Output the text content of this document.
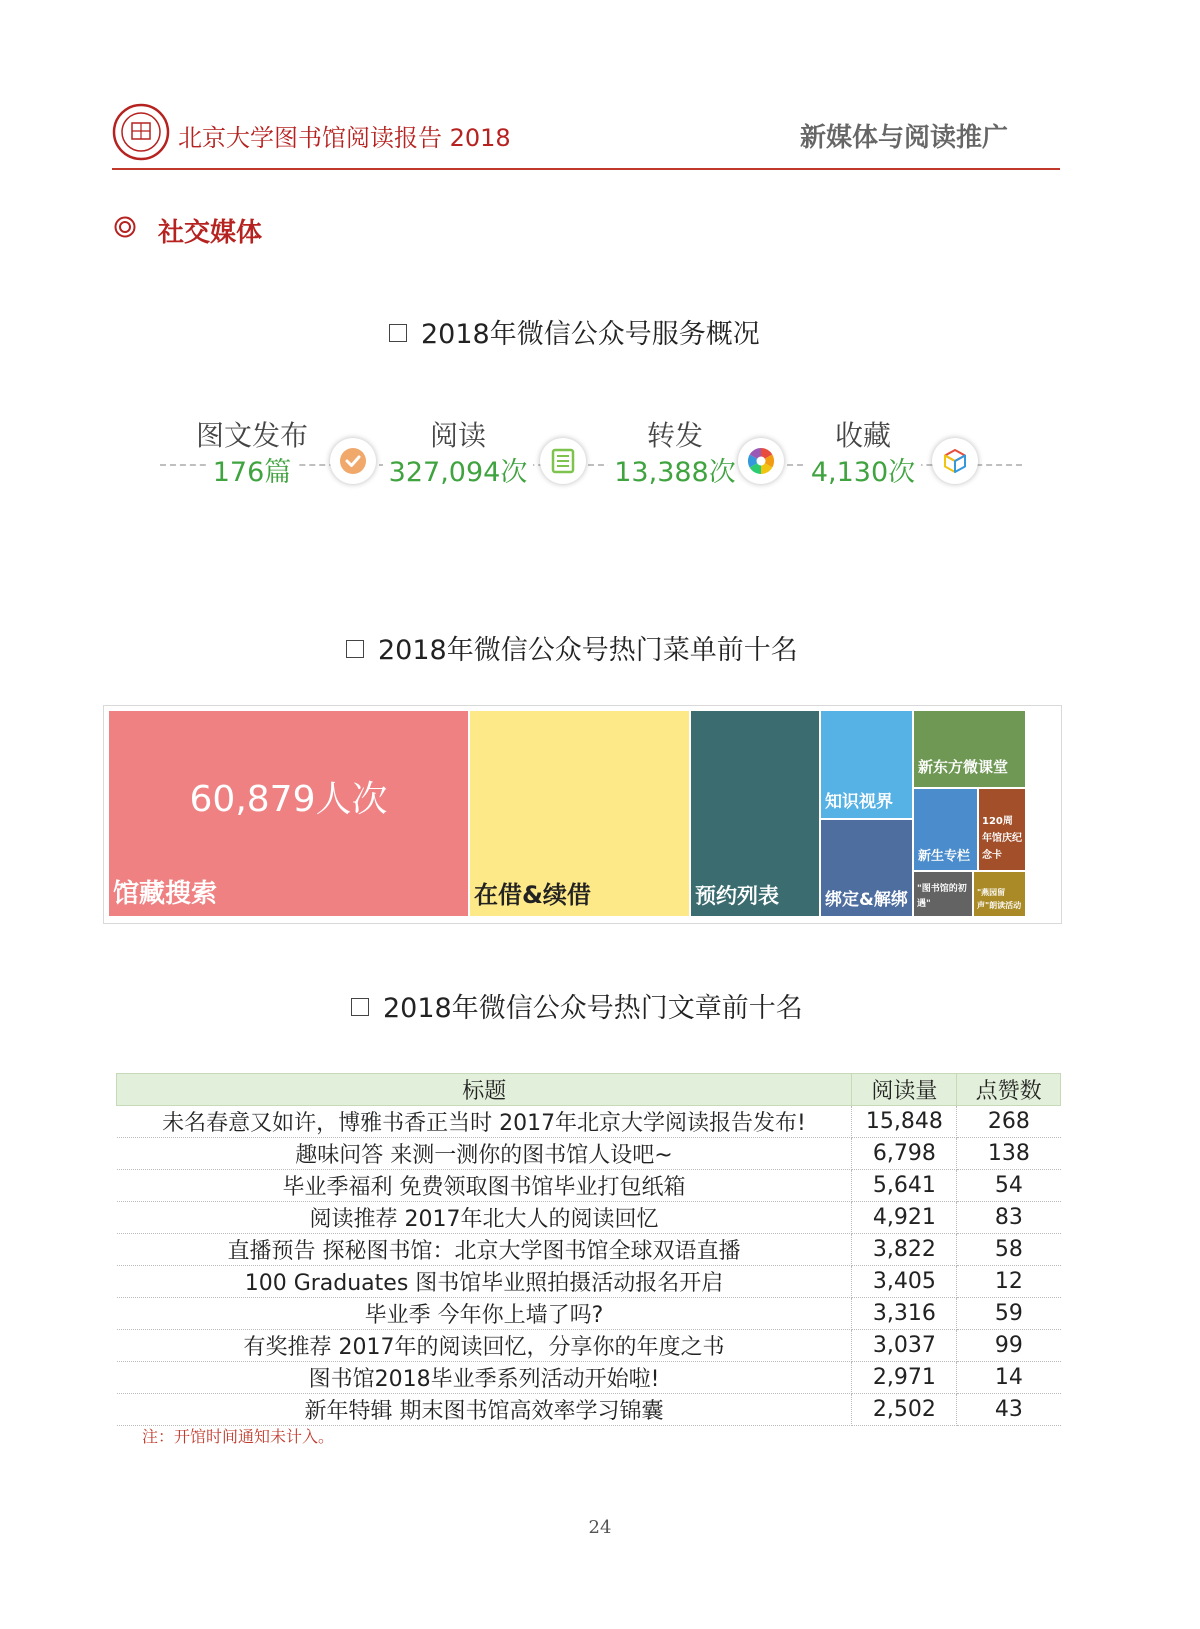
北京大学图书馆阅读报告 2018	新媒体与阅读推广
社交媒体
2018年微信公众号服务概况
图文发布
176篇
阅读
327,094次
转发
13,388次
收藏
4,130次
2018年微信公众号热门菜单前十名
60,879人次
馆藏搜索	在借&续借	预约列表
知识视界
新东方微课堂
绑定&解绑
新生专栏
120周年馆庆纪念卡
"图书馆的初遇"
"燕园留声"朗读活动
2018年微信公众号热门文章前十名
标题	阅读量	点赞数
未名春意又如许，博雅书香正当时 2017年北京大学阅读报告发布!	15,848	268
趣味问答 来测一测你的图书馆人设吧~	6,798	138
毕业季福利 免费领取图书馆毕业打包纸箱	5,641	54
阅读推荐 2017年北大人的阅读回忆	4,921	83
直播预告 探秘图书馆：北京大学图书馆全球双语直播	3,822	58
100 Graduates 图书馆毕业照拍摄活动报名开启	3,405	12
毕业季 今年你上墙了吗?	3,316	59
有奖推荐 2017年的阅读回忆，分享你的年度之书	3,037	99
图书馆2018毕业季系列活动开始啦!	2,971	14
新年特辑 期末图书馆高效率学习锦囊	2,502	43
注：开馆时间通知未计入。
24
